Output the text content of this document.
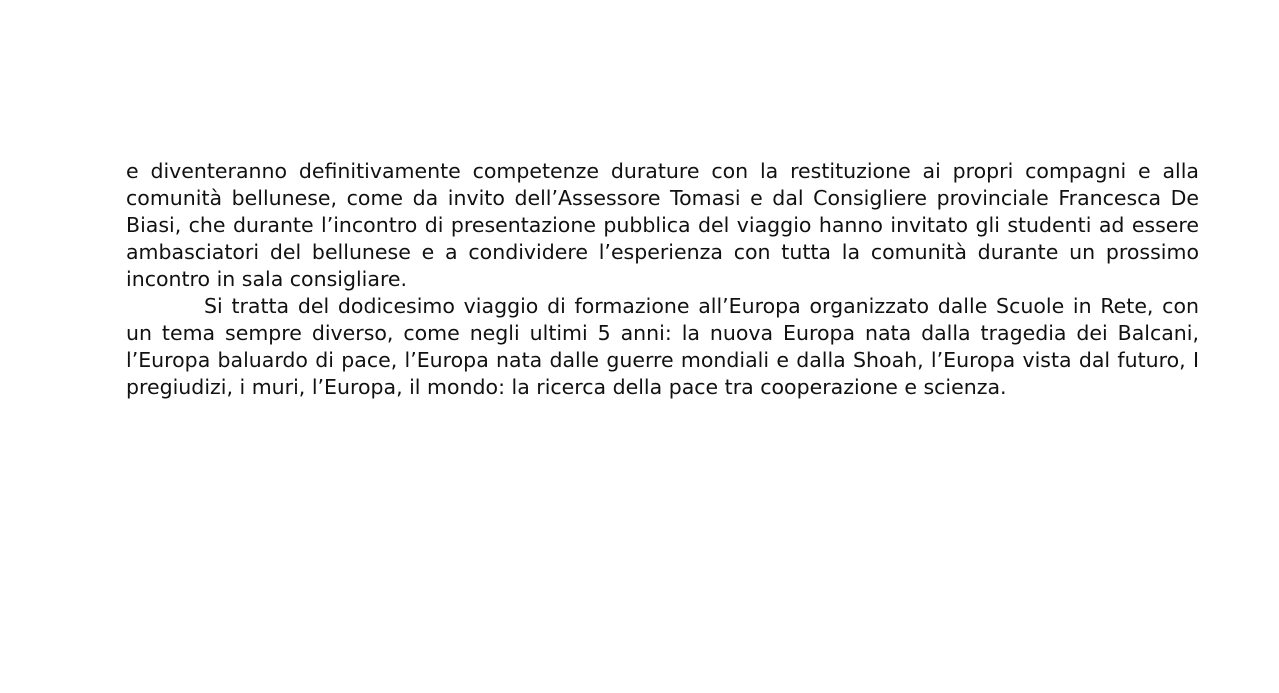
e diventeranno definitivamente competenze durature con la restituzione ai propri compagni e alla comunità bellunese, come da invito dell’Assessore Tomasi e dal Consigliere provinciale Francesca De Biasi, che durante l’incontro di presentazione pubblica del viaggio hanno invitato gli studenti ad essere ambasciatori del bellunese e a condividere l’esperienza con tutta la comunità durante un prossimo incontro in sala consigliare.

Si tratta del dodicesimo viaggio di formazione all’Europa organizzato dalle Scuole in Rete, con un tema sempre diverso, come negli ultimi 5 anni: la nuova Europa nata dalla tragedia dei Balcani, l’Europa baluardo di pace, l’Europa nata dalle guerre mondiali e dalla Shoah, l’Europa vista dal futuro, I pregiudizi, i muri, l’Europa, il mondo: la ricerca della pace tra cooperazione e scienza.
